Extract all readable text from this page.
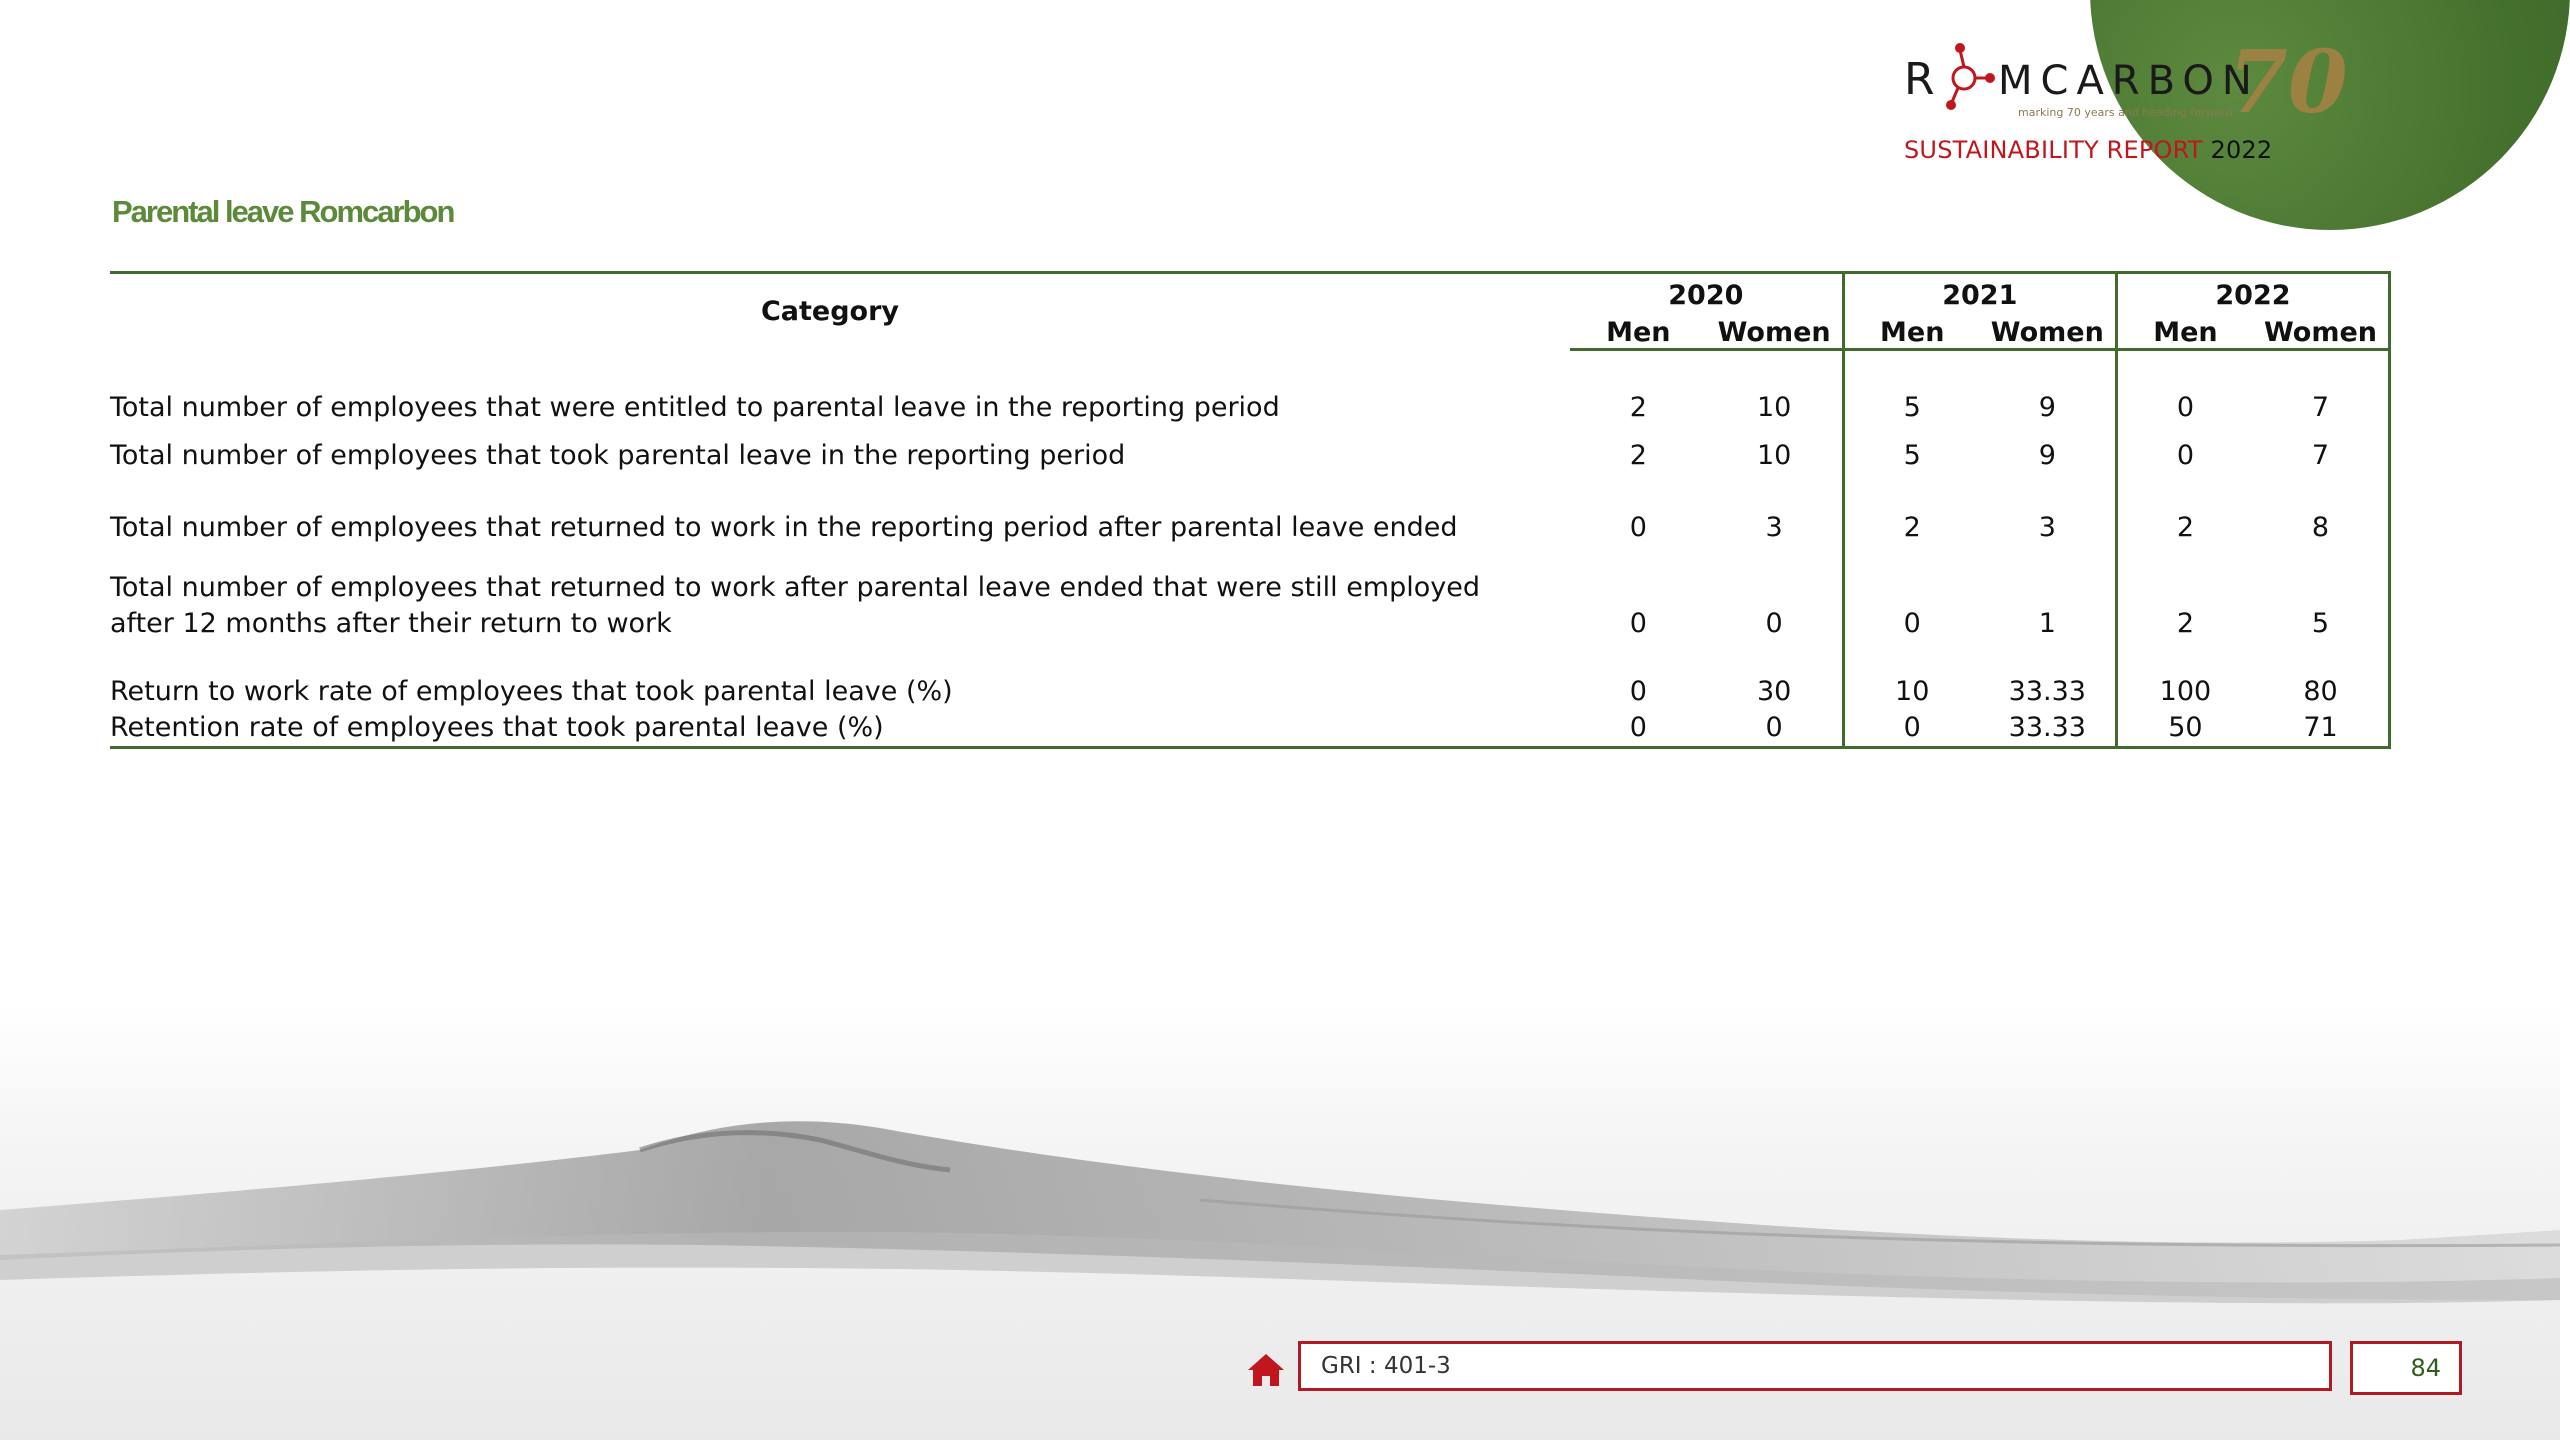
R MCARBON
70
marking 70 years and heading forward
SUSTAINABILITY REPORT 2022
Parental leave Romcarbon
Category	2020		2021		2022	
	Men	Women	Men	Women	Men	Women
Total number of employees that were entitled to parental leave in the reporting period	2	10	5	9	0	7
Total number of employees that took parental leave in the reporting period	2	10	5	9	0	7
Total number of employees that returned to work in the reporting period after parental leave ended	0	3	2	3	2	8
Total number of employees that returned to work after parental leave ended that were still employed after 12 months after their return to work	0	0	0	1	2	5
Return to work rate of employees that took parental leave (%)	0	30	10	33.33	100	80
Retention rate of employees that took parental leave (%)	0	0	0	33.33	50	71
GRI : 401-3	84
